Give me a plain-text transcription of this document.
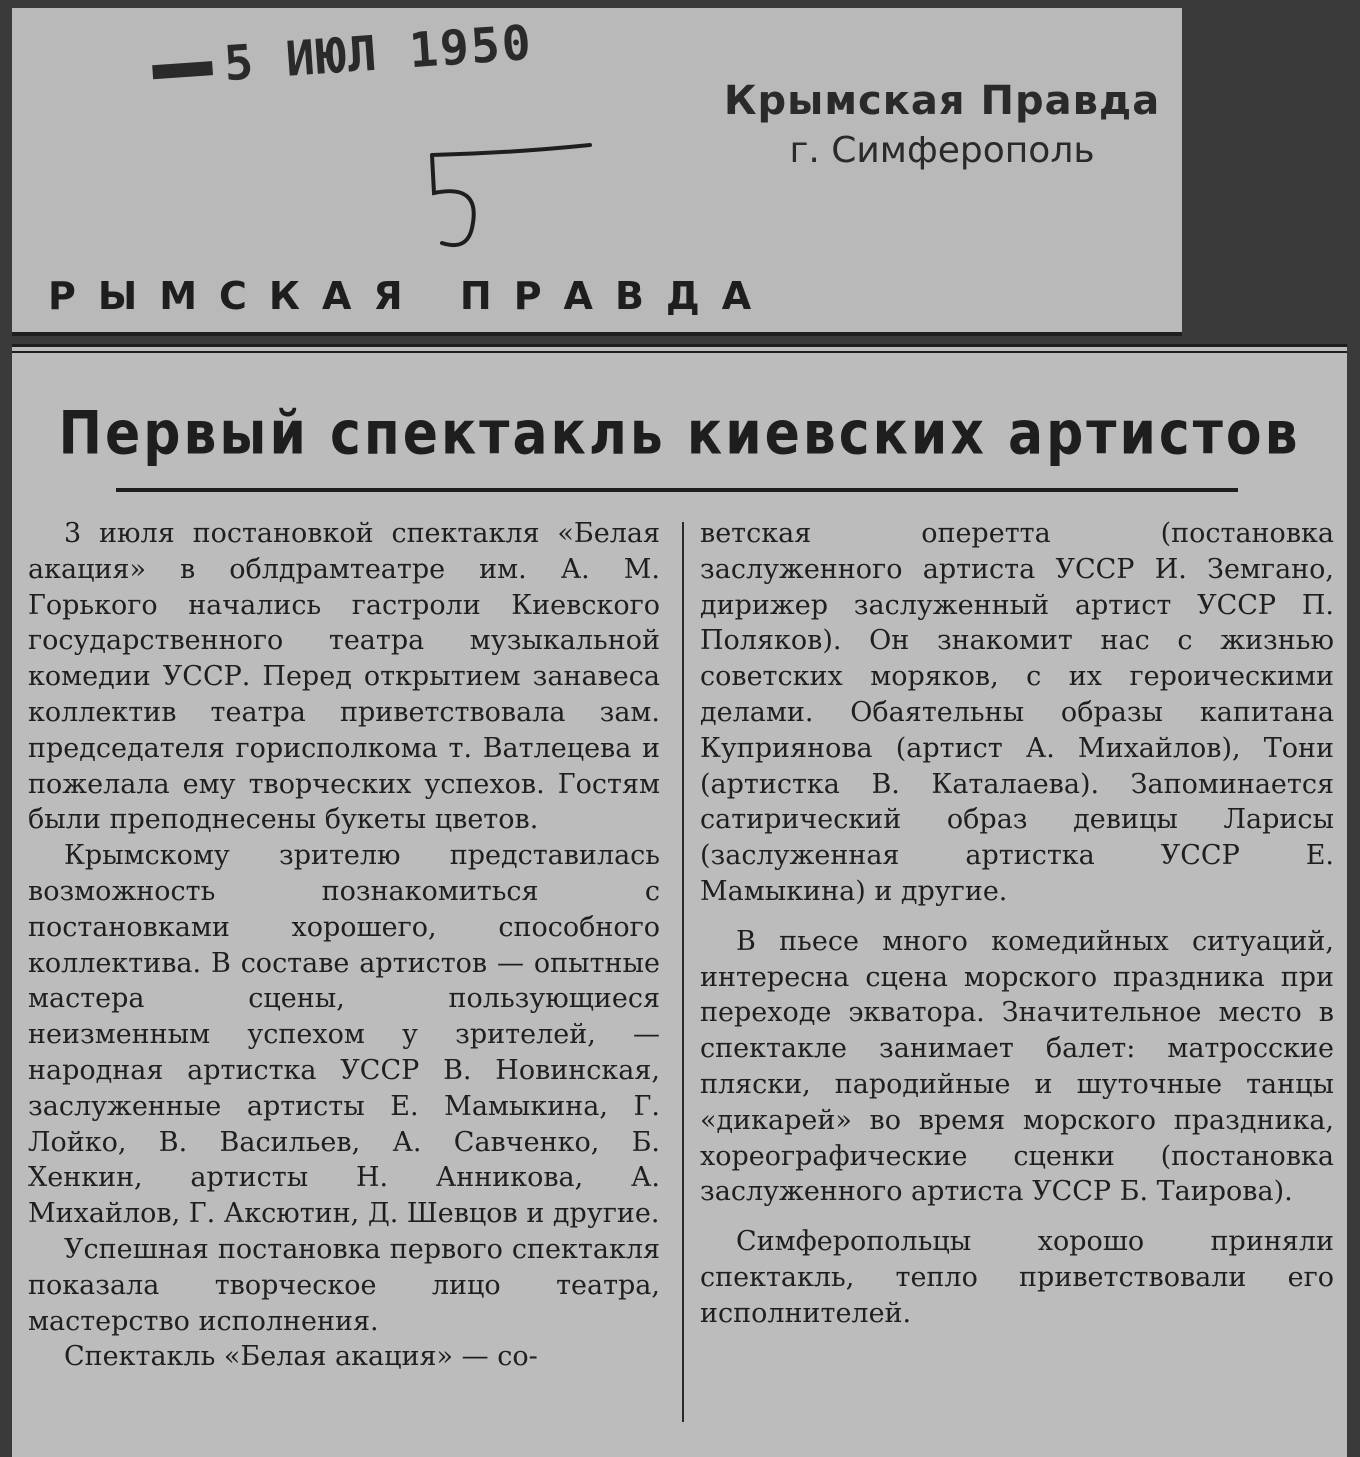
5 ИЮЛ 1950
Крымская Правда
г. Симферополь
РЫМСКАЯ ПРАВДА
Первый спектакль киевских артистов

3 июля постановкой спектакля «Белая акация» в облдрамтеатре им. А. М. Горького начались гастроли Киевского государственного театра музыкальной комедии УССР. Перед открытием занавеса коллектив театра приветствовала зам. председателя горисполкома т. Ватлецева и пожелала ему творческих успехов. Гостям были преподнесены букеты цветов.

Крымскому зрителю представилась возможность познакомиться с постановками хорошего, способного коллектива. В составе артистов — опытные мастера сцены, пользующиеся неизменным успехом у зрителей, — народная артистка УССР В. Новинская, заслуженные артисты Е. Мамыкина, Г. Лойко, В. Васильев, А. Савченко, Б. Хенкин, артисты Н. Анникова, А. Михайлов, Г. Аксютин, Д. Шевцов и другие.

Успешная постановка первого спектакля показала творческое лицо театра, мастерство исполнения.

Спектакль «Белая акация» — со-

ветская оперетта (постановка заслуженного артиста УССР И. Земгано, дирижер заслуженный артист УССР П. Поляков). Он знакомит нас с жизнью советских моряков, с их героическими делами. Обаятельны образы капитана Куприянова (артист А. Михайлов), Тони (артистка В. Каталаева). Запоминается сатирический образ девицы Ларисы (заслуженная артистка УССР Е. Мамыкина) и другие.

В пьесе много комедийных ситуаций, интересна сцена морского праздника при переходе экватора. Значительное место в спектакле занимает балет: матросские пляски, пародийные и шуточные танцы «дикарей» во время морского праздника, хореографические сценки (постановка заслуженного артиста УССР Б. Таирова).

Симферопольцы хорошо приняли спектакль, тепло приветствовали его исполнителей.
